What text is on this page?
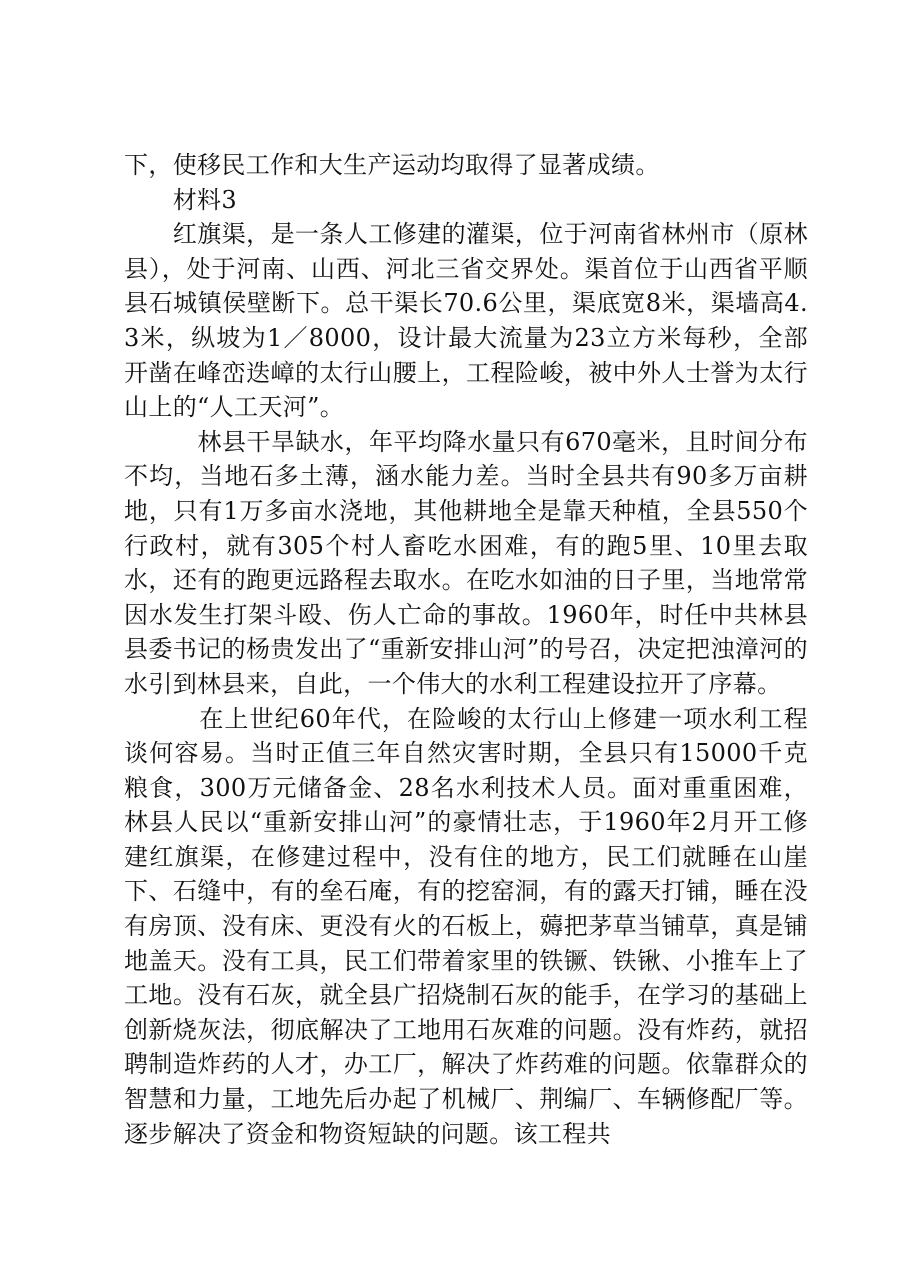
下，使移民工作和大生产运动均取得了显著成绩。

　　材料3

　　红旗渠，是一条人工修建的灌渠，位于河南省林州市（原林县），处于河南、山西、河北三省交界处。渠首位于山西省平顺县石城镇侯壁断下。总干渠长70.6公里，渠底宽8米，渠墙高4.3米，纵坡为1／8000，设计最大流量为23立方米每秒，全部开凿在峰峦迭嶂的太行山腰上，工程险峻，被中外人士誉为太行山上的“人工天河”。

　　　林县干旱缺水，年平均降水量只有670毫米，且时间分布不均，当地石多土薄，涵水能力差。当时全县共有90多万亩耕地，只有1万多亩水浇地，其他耕地全是靠天种植，全县550个行政村，就有305个村人畜吃水困难，有的跑5里、10里去取水，还有的跑更远路程去取水。在吃水如油的日子里，当地常常因水发生打架斗殴、伤人亡命的事故。1960年，时任中共林县县委书记的杨贵发出了“重新安排山河”的号召，决定把浊漳河的水引到林县来，自此，一个伟大的水利工程建设拉开了序幕。

　　　在上世纪60年代，在险峻的太行山上修建一项水利工程谈何容易。当时正值三年自然灾害时期，全县只有15000千克粮食，300万元储备金、28名水利技术人员。面对重重困难，林县人民以“重新安排山河”的豪情壮志，于1960年2月开工修建红旗渠，在修建过程中，没有住的地方，民工们就睡在山崖下、石缝中，有的垒石庵，有的挖窑洞，有的露天打铺，睡在没有房顶、没有床、更没有火的石板上，薅把茅草当铺草，真是铺地盖天。没有工具，民工们带着家里的铁镢、铁锹、小推车上了工地。没有石灰，就全县广招烧制石灰的能手，在学习的基础上创新烧灰法，彻底解决了工地用石灰难的问题。没有炸药，就招聘制造炸药的人才，办工厂，解决了炸药难的问题。依靠群众的智慧和力量，工地先后办起了机械厂、荆编厂、车辆修配厂等。逐步解决了资金和物资短缺的问题。该工程共
